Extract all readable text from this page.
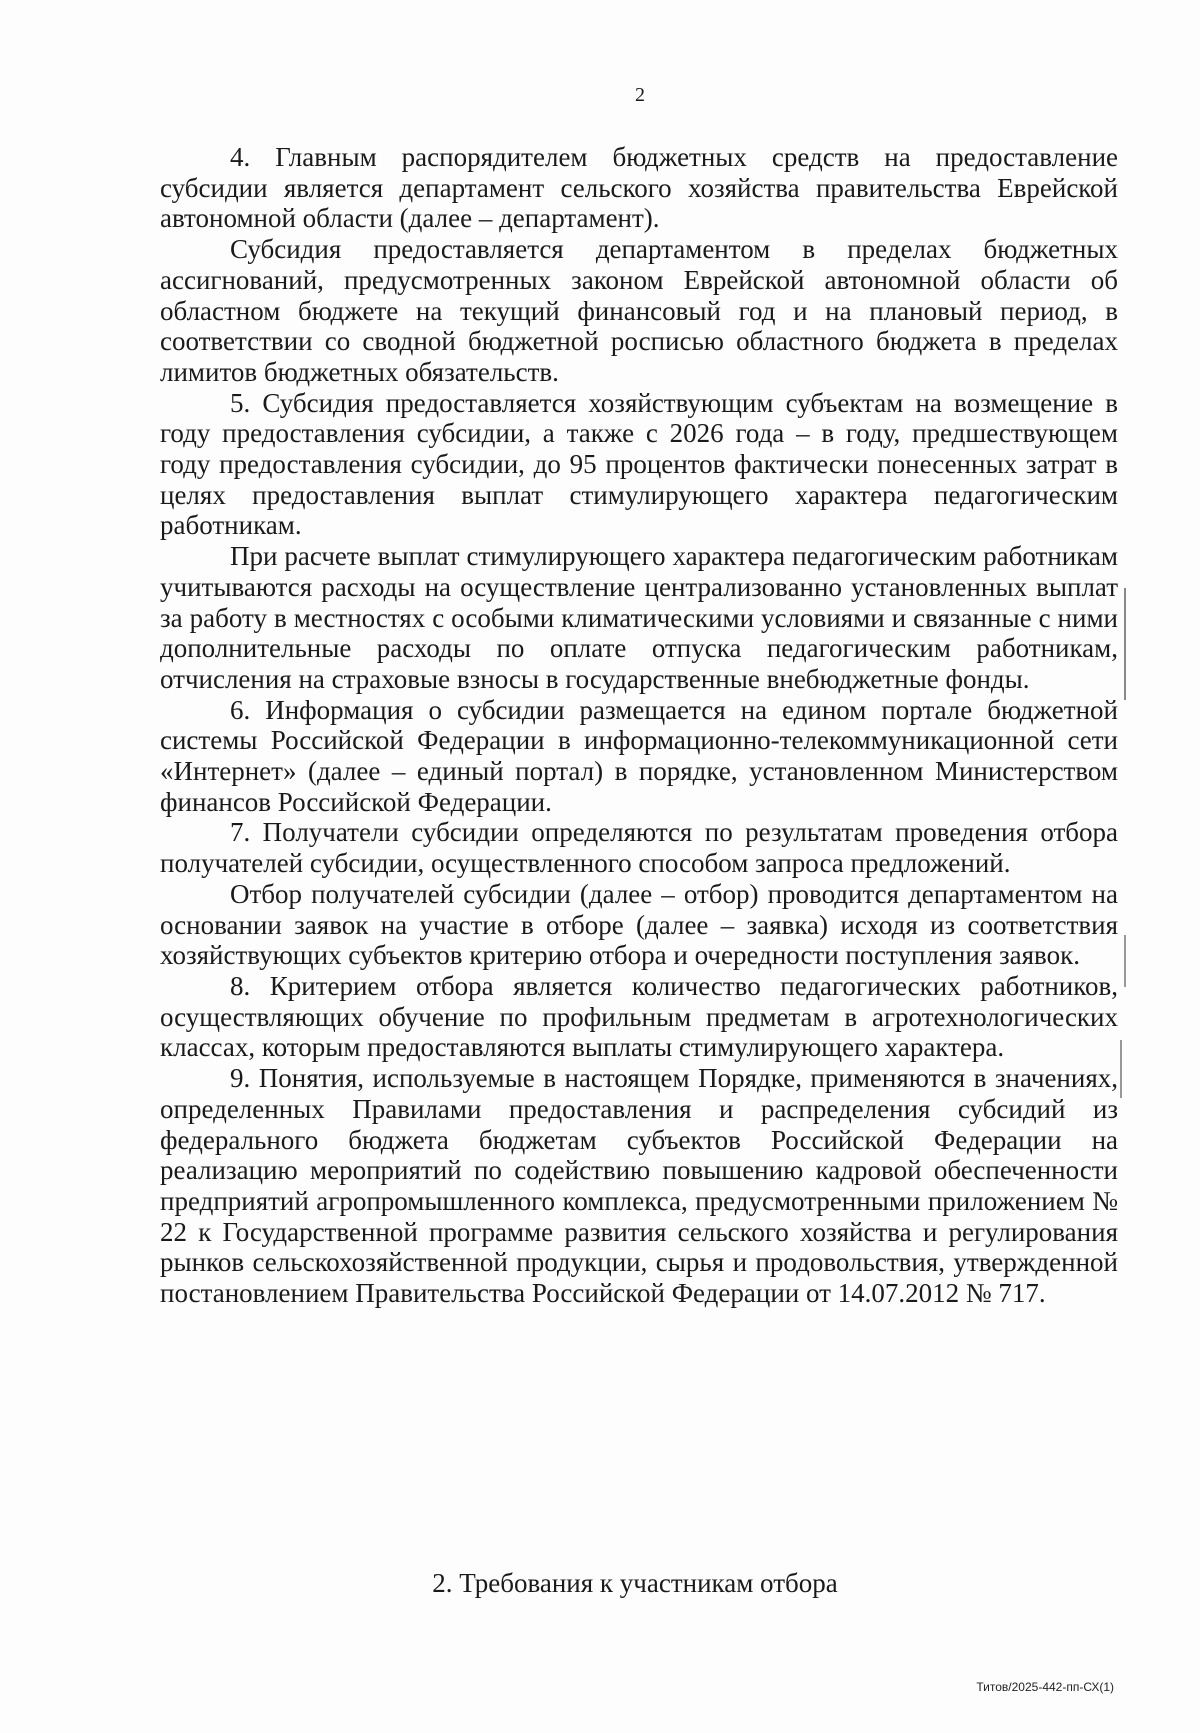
2

4. Главным распорядителем бюджетных средств на предоставление субсидии является департамент сельского хозяйства правительства Еврейской автономной области (далее – департамент).

Субсидия предоставляется департаментом в пределах бюджетных ассигнований, предусмотренных законом Еврейской автономной области об областном бюджете на текущий финансовый год и на плановый период, в соответствии со сводной бюджетной росписью областного бюджета в пределах лимитов бюджетных обязательств.

5. Субсидия предоставляется хозяйствующим субъектам на возмещение в году предоставления субсидии, а также с 2026 года – в году, предшествующем году предоставления субсидии, до 95 процентов фактически понесенных затрат в целях предоставления выплат стимулирующего характера педагогическим работникам.

При расчете выплат стимулирующего характера педагогическим работникам учитываются расходы на осуществление централизованно установленных выплат за работу в местностях с особыми климатическими условиями и связанные с ними дополнительные расходы по оплате отпуска педагогическим работникам, отчисления на страховые взносы в государственные внебюджетные фонды.

6. Информация о субсидии размещается на едином портале бюджетной системы Российской Федерации в информационно-телекоммуникационной сети «Интернет» (далее – единый портал) в порядке, установленном Министерством финансов Российской Федерации.

7. Получатели субсидии определяются по результатам проведения отбора получателей субсидии, осуществленного способом запроса предложений.

Отбор получателей субсидии (далее – отбор) проводится департаментом на основании заявок на участие в отборе (далее – заявка) исходя из соответствия хозяйствующих субъектов критерию отбора и очередности поступления заявок.

8. Критерием отбора является количество педагогических работников, осуществляющих обучение по профильным предметам в агротехнологических классах, которым предоставляются выплаты стимулирующего характера.

9. Понятия, используемые в настоящем Порядке, применяются в значениях, определенных Правилами предоставления и распределения субсидий из федерального бюджета бюджетам субъектов Российской Федерации на реализацию мероприятий по содействию повышению кадровой обеспеченности предприятий агропромышленного комплекса, предусмотренными приложением № 22 к Государственной программе развития сельского хозяйства и регулирования рынков сельскохозяйственной продукции, сырья и продовольствия, утвержденной постановлением Правительства Российской Федерации от 14.07.2012 № 717.

2. Требования к участникам отбора
Титов/2025-442-пп-СХ(1)
